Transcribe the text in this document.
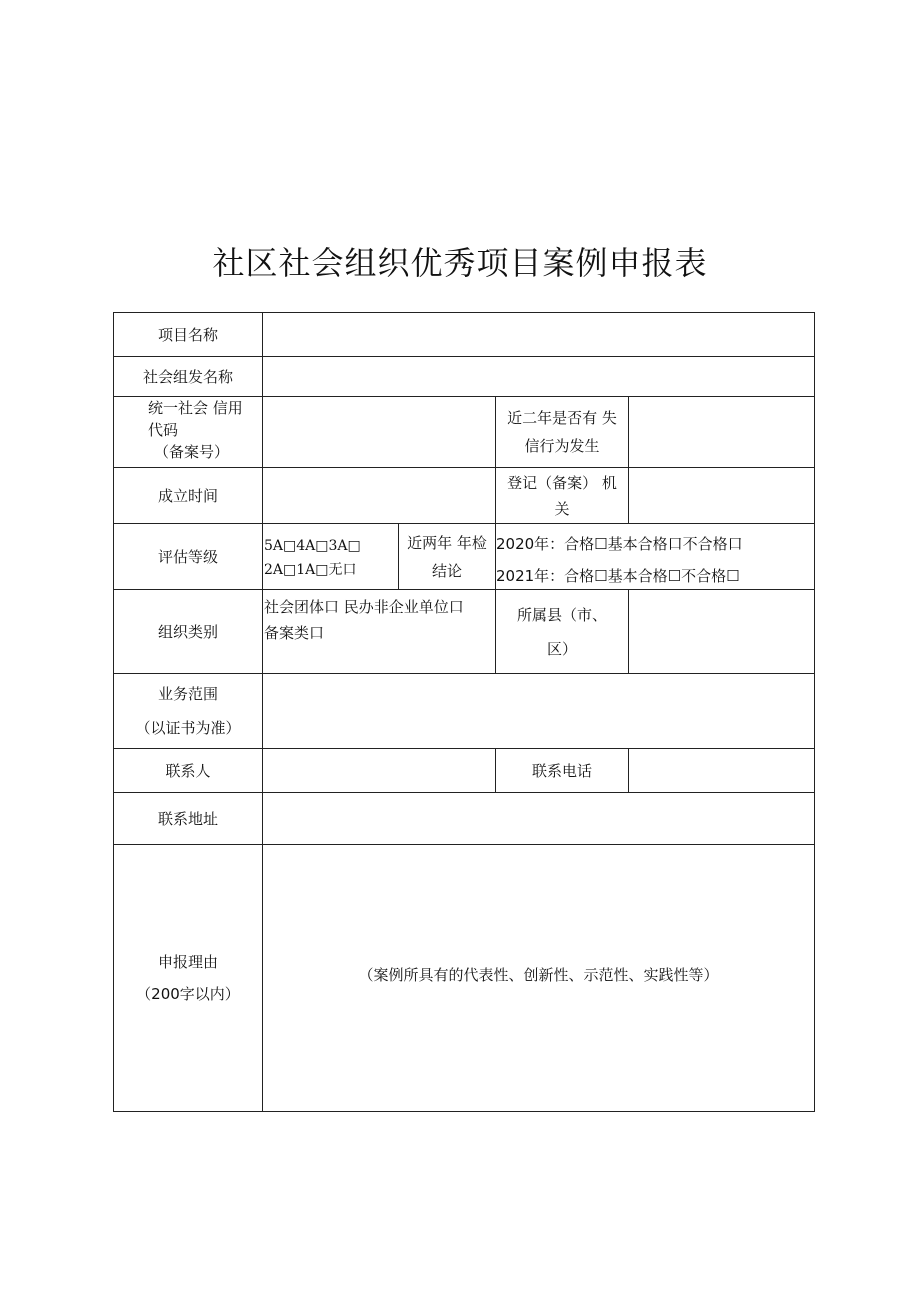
社区社会组织优秀项目案例申报表
项目名称
社会组发名称
统一社会 信用
代码
（备案号）
近二年是否有 失
信行为发生
成立时间
登记（备案） 机
关
评估等级
5A□4A□3A□
2A□1A□无口
近两年 年检
结论
2020年：合格☐基本合格口不合格口
2021年：合格☐基本合格☐不合格☐
组织类别
社会团体口 民办非企业单位口
备案类口
所属县（市、
区）
业务范围
（以证书为准）
联系人	联系电话
联系地址
申报理由
（200字以内）
（案例所具有的代表性、创新性、示范性、实践性等）
